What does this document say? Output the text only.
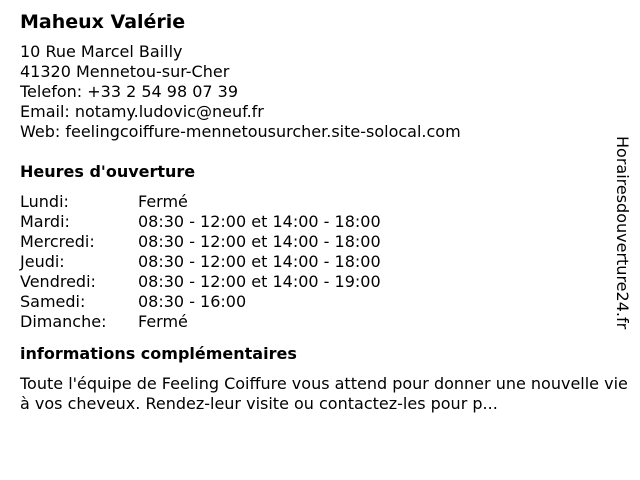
Maheux Valérie
10 Rue Marcel Bailly
41320 Mennetou-sur-Cher
Telefon: +33 2 54 98 07 39
Email: notamy.ludovic@neuf.fr
Web: feelingcoiffure-mennetousurcher.site-solocal.com
Heures d'ouverture
Lundi:	Fermé
Mardi:	08:30 - 12:00 et 14:00 - 18:00
Mercredi:	08:30 - 12:00 et 14:00 - 18:00
Jeudi:	08:30 - 12:00 et 14:00 - 18:00
Vendredi:	08:30 - 12:00 et 14:00 - 19:00
Samedi:	08:30 - 16:00
Dimanche:	Fermé
informations complémentaires
Toute l'équipe de Feeling Coiffure vous attend pour donner une nouvelle vie à vos cheveux. Rendez-leur visite ou contactez-les pour p...
Horairesdouverture24.fr
